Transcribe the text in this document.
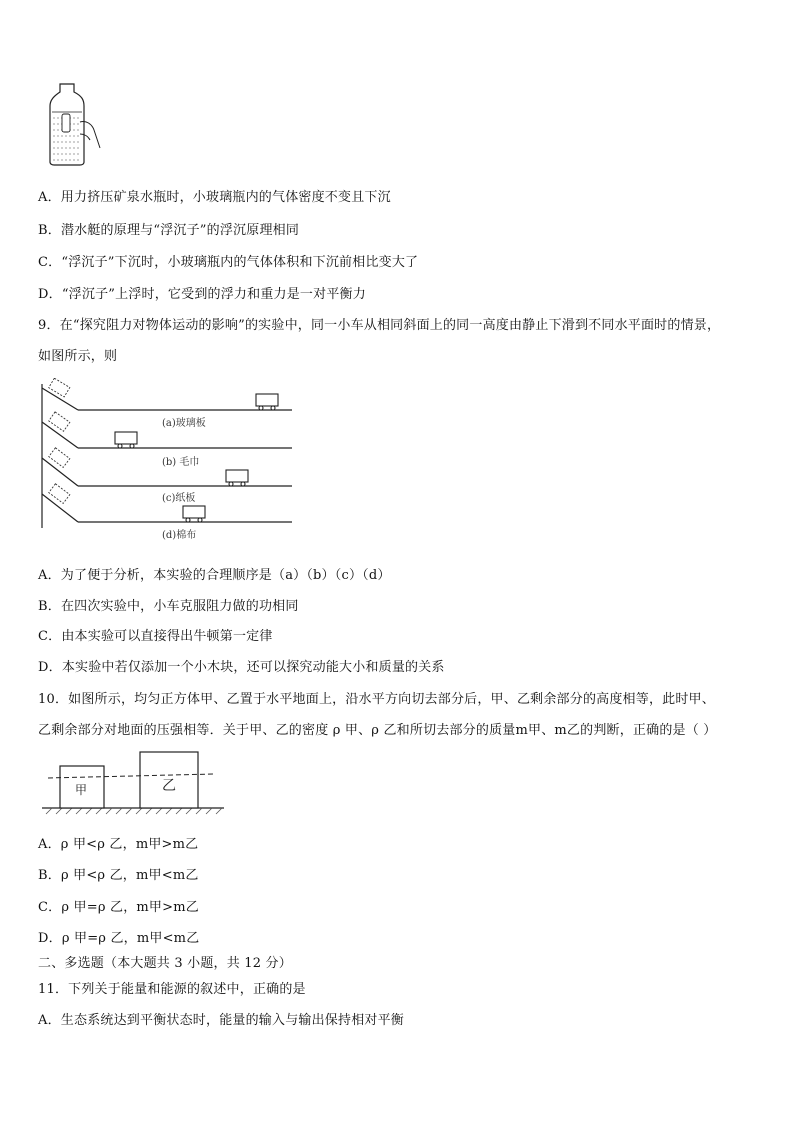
A．用力挤压矿泉水瓶时，小玻璃瓶内的气体密度不变且下沉
B．潜水艇的原理与“浮沉子”的浮沉原理相同
C．“浮沉子”下沉时，小玻璃瓶内的气体体积和下沉前相比变大了
D．“浮沉子”上浮时，它受到的浮力和重力是一对平衡力
9．在“探究阻力对物体运动的影响”的实验中，同一小车从相同斜面上的同一高度由静止下滑到不同水平面时的情景，
如图所示，则
(a)玻璃板
(b) 毛巾
(c)纸板
(d)棉布
A．为了便于分析，本实验的合理顺序是（a）（b）（c）（d）
B．在四次实验中，小车克服阻力做的功相同
C．由本实验可以直接得出牛顿第一定律
D．本实验中若仅添加一个小木块，还可以探究动能大小和质量的关系
10．如图所示，均匀正方体甲、乙置于水平地面上，沿水平方向切去部分后，甲、乙剩余部分的高度相等，此时甲、
乙剩余部分对地面的压强相等．关于甲、乙的密度 ρ 甲、ρ 乙和所切去部分的质量m甲、m乙的判断，正确的是（ ）
甲	乙
A．ρ 甲<ρ 乙，m甲>m乙
B．ρ 甲<ρ 乙，m甲<m乙
C．ρ 甲=ρ 乙，m甲>m乙
D．ρ 甲=ρ 乙，m甲<m乙
二、多选题（本大题共 3 小题，共 12 分）
11．下列关于能量和能源的叙述中，正确的是
A．生态系统达到平衡状态时，能量的输入与输出保持相对平衡
